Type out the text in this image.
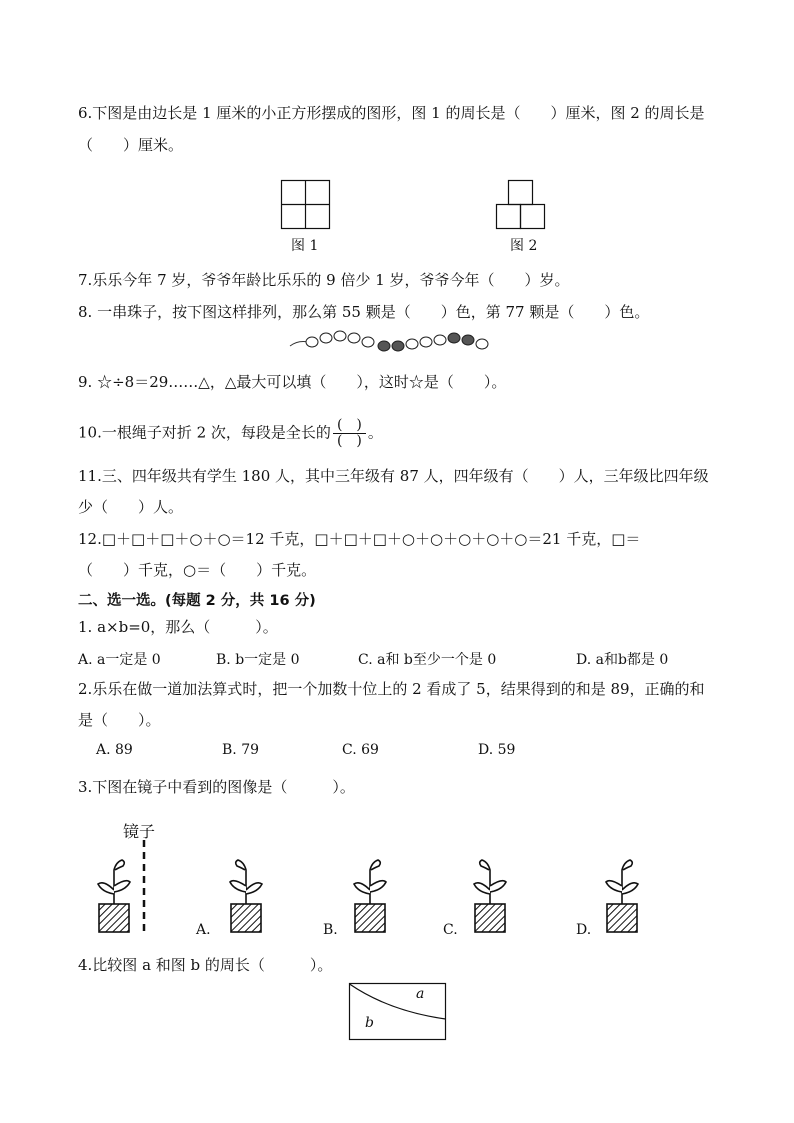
6.下图是由边长是 1 厘米的小正方形摆成的图形，图 1 的周长是（　　）厘米，图 2 的周长是
（　　）厘米。
图 1	图 2
7.乐乐今年 7 岁，爷爷年龄比乐乐的 9 倍少 1 岁，爷爷今年（　　）岁。
8. 一串珠子，按下图这样排列，那么第 55 颗是（　　）色，第 77 颗是（　　）色。
9. ☆÷8＝29……△，△最大可以填（　　），这时☆是（　　）。
10.一根绳子对折 2 次，每段是全长的 $\frac{( )}{( )}$ 。
11.三、四年级共有学生 180 人，其中三年级有 87 人，四年级有（　　）人，三年级比四年级
少（　　）人。
12.□＋□＋□＋○＋○＝12 千克，□＋□＋□＋○＋○＋○＋○＋○＝21 千克，□＝
（　　）千克，○＝（　　）千克。
二、选一选。(每题 2 分，共 16 分)
1. a×b=0，那么（　　　）。
A. a一定是 0	B. b一定是 0	C. a和 b至少一个是 0	D. a和b都是 0
2.乐乐在做一道加法算式时，把一个加数十位上的 2 看成了 5，结果得到的和是 89，正确的和
是（　　）。
A. 89	B. 79	C. 69	D. 59
3.下图在镜子中看到的图像是（　　　）。
镜子
A.	B.	C.	D.
4.比较图 a 和图 b 的周长（　　　）。
a
b
